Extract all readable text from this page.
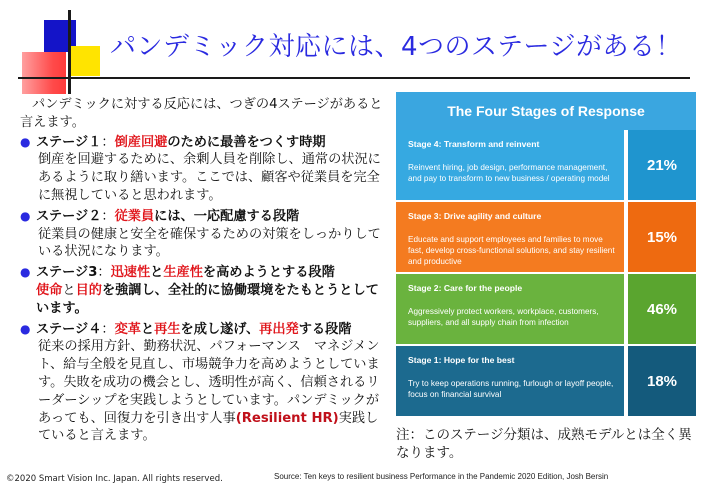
パンデミック対応には、4つのステージがある！

パンデミックに対する反応には、つぎの4ステージがあると言えます。

● ステージ１：倒産回避のために最善をつくす時期
倒産を回避するために、余剰人員を削除し、通常の状況にあるように取り繕います。ここでは、顧客や従業員を完全に無視していると思われます。
● ステージ２：従業員には、一応配慮する段階
従業員の健康と安全を確保するための対策をしっかりしている状況になります。
● ステージ3：迅速性と生産性を高めようとする段階
使命と目的を強調し、全社的に協働環境をたもとうとしています。
● ステージ４：変革と再生を成し遂げ、再出発する段階
従来の採用方針、勤務状況、パフォーマンス　マネジメント、給与全般を見直し、市場競争力を高めようとしています。失敗を成功の機会とし、透明性が高く、信頼されるリーダーシップを実践しようとしています。パンデミックがあっても、回復力を引き出す人事(Resilient HR)実践していると言えます。
The Four Stages of Response
Stage 4: Transform and reinvent
Reinvent hiring, job design, performance management, and pay to transform to new business / operating model
21%
Stage 3: Drive agility and culture
Educate and support employees and families to move fast, develop cross-functional solutions, and stay resilient and productive
15%
Stage 2: Care for the people
Aggressively protect workers, workplace, customers, suppliers, and all supply chain from infection
46%
Stage 1: Hope for the best
Try to keep operations running, furlough or layoff people, focus on financial survival
18%
注：このステージ分類は、成熟モデルとは全く異なります。
©2020 Smart Vision Inc. Japan. All rights reserved.	Source: Ten keys to resilient business Performance in the Pandemic 2020 Edition, Josh Bersin
